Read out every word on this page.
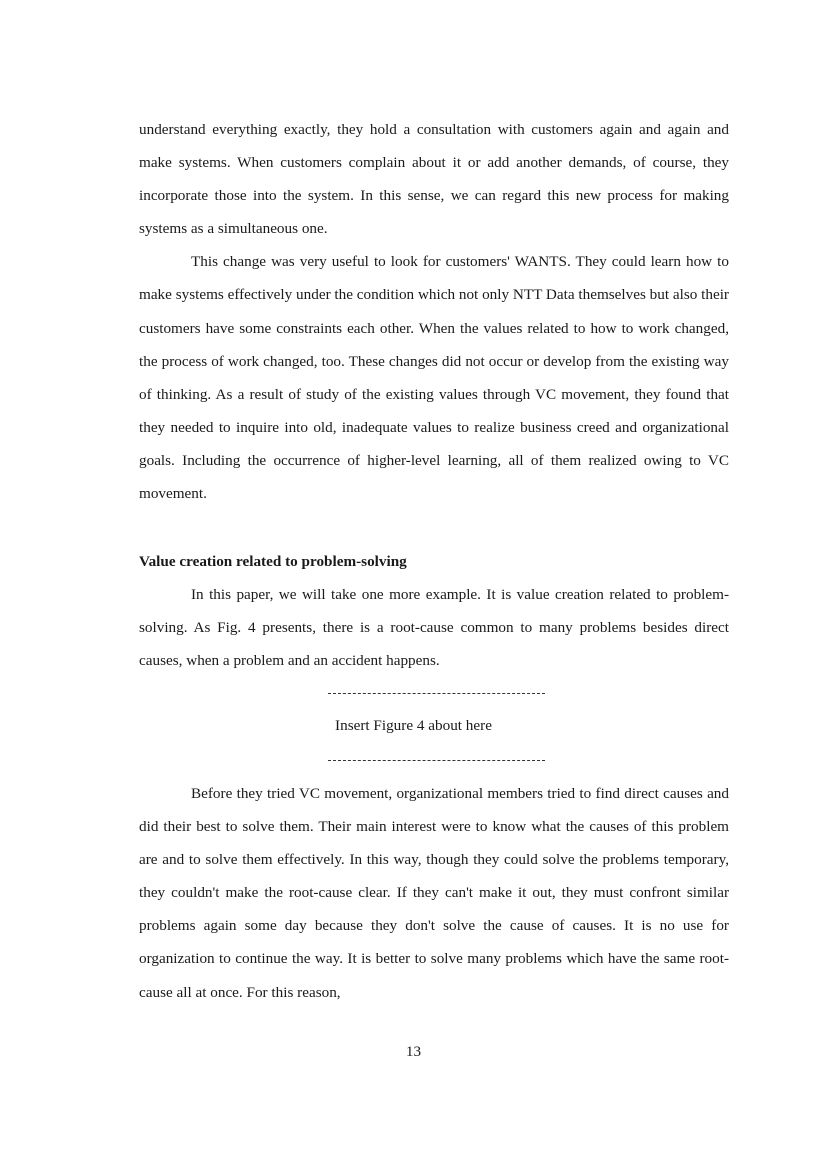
understand everything exactly, they hold a consultation with customers again and again and make systems. When customers complain about it or add another demands, of course, they incorporate those into the system. In this sense, we can regard this new process for making systems as a simultaneous one.

This change was very useful to look for customers' WANTS. They could learn how to make systems effectively under the condition which not only NTT Data themselves but also their customers have some constraints each other. When the values related to how to work changed, the process of work changed, too. These changes did not occur or develop from the existing way of thinking. As a result of study of the existing values through VC movement, they found that they needed to inquire into old, inadequate values to realize business creed and organizational goals. Including the occurrence of higher-level learning, all of them realized owing to VC movement.

Value creation related to problem-solving

In this paper, we will take one more example. It is value creation related to problem-solving. As Fig. 4 presents, there is a root-cause common to many problems besides direct causes, when a problem and an accident happens.

Insert Figure 4 about here

Before they tried VC movement, organizational members tried to find direct causes and did their best to solve them. Their main interest were to know what the causes of this problem are and to solve them effectively. In this way, though they could solve the problems temporary, they couldn't make the root-cause clear. If they can't make it out, they must confront similar problems again some day because they don't solve the cause of causes. It is no use for organization to continue the way. It is better to solve many problems which have the same root-cause all at once. For this reason,

13
